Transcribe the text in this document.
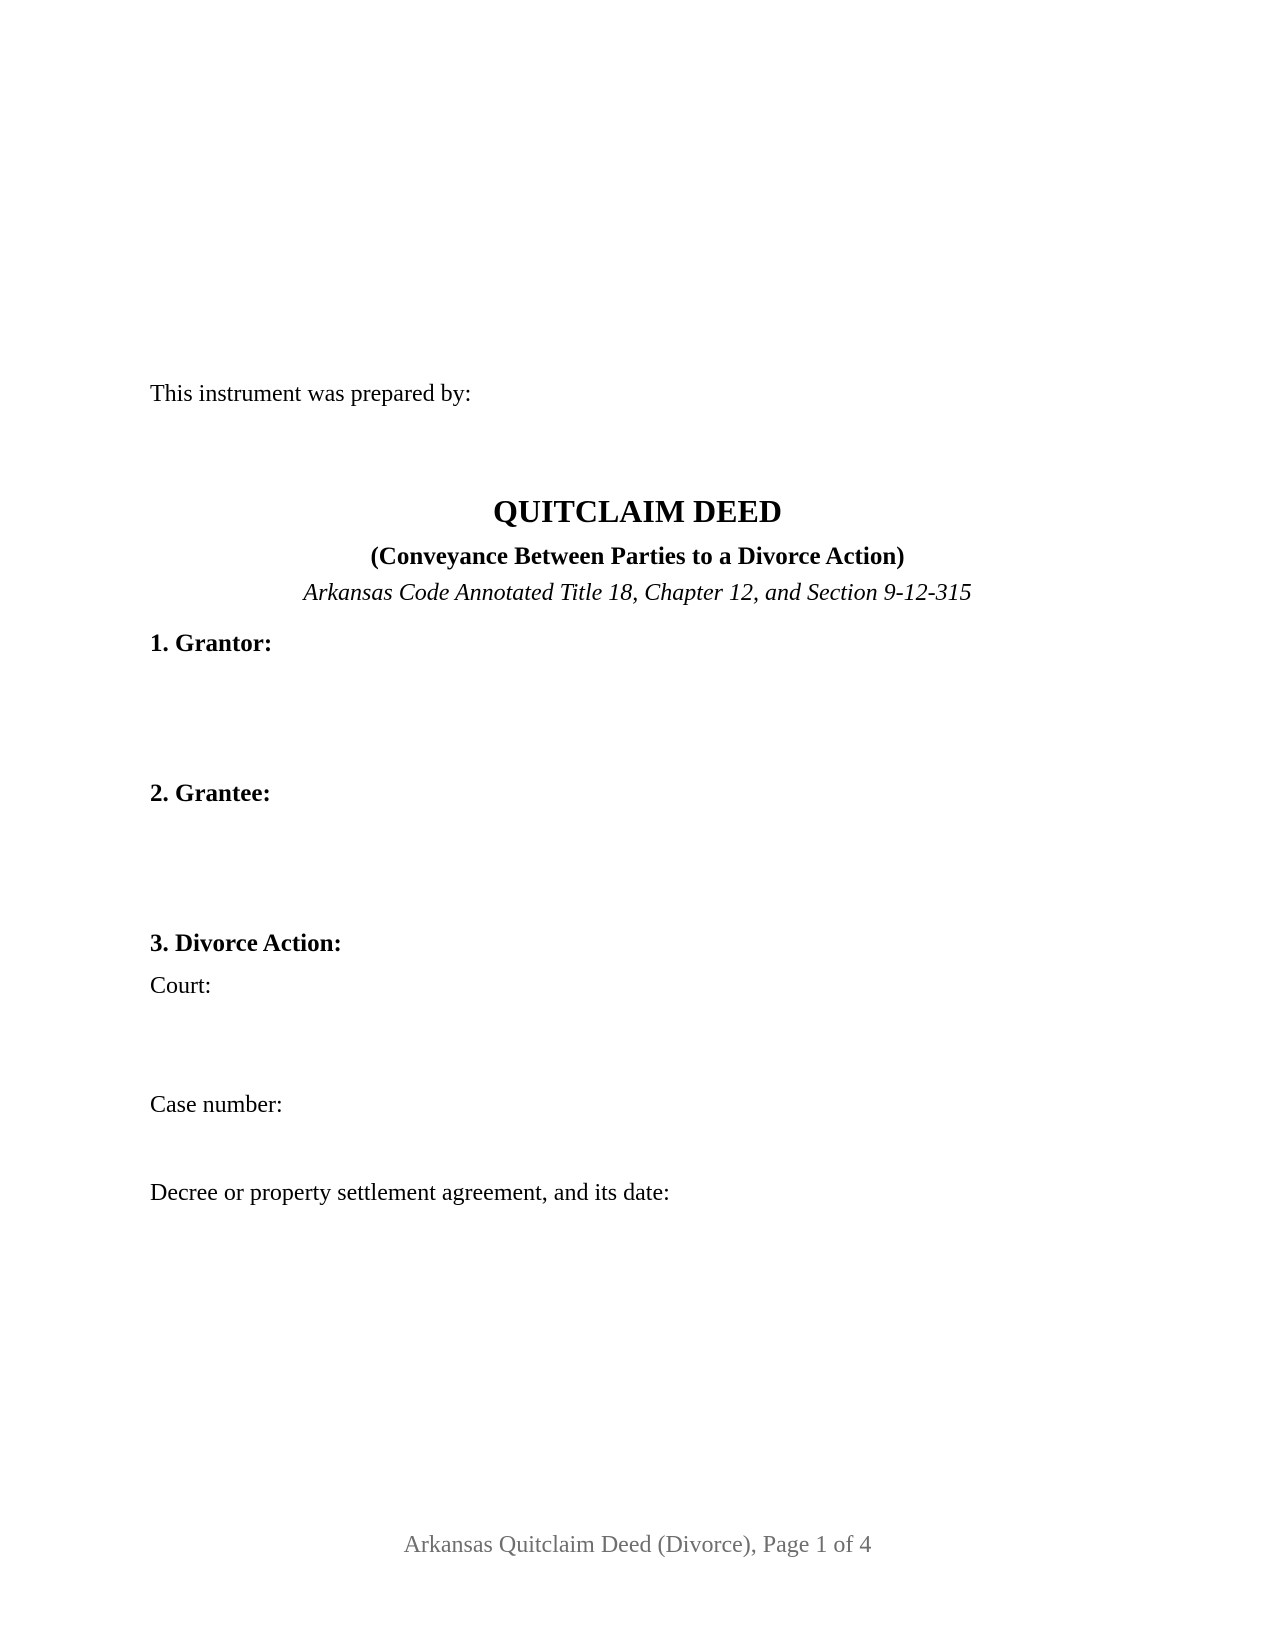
This instrument was prepared by:
QUITCLAIM DEED
(Conveyance Between Parties to a Divorce Action)
Arkansas Code Annotated Title 18, Chapter 12, and Section 9-12-315
1. Grantor:
2. Grantee:
3. Divorce Action:
Court:
Case number:
Decree or property settlement agreement, and its date:
Arkansas Quitclaim Deed (Divorce), Page 1 of 4
